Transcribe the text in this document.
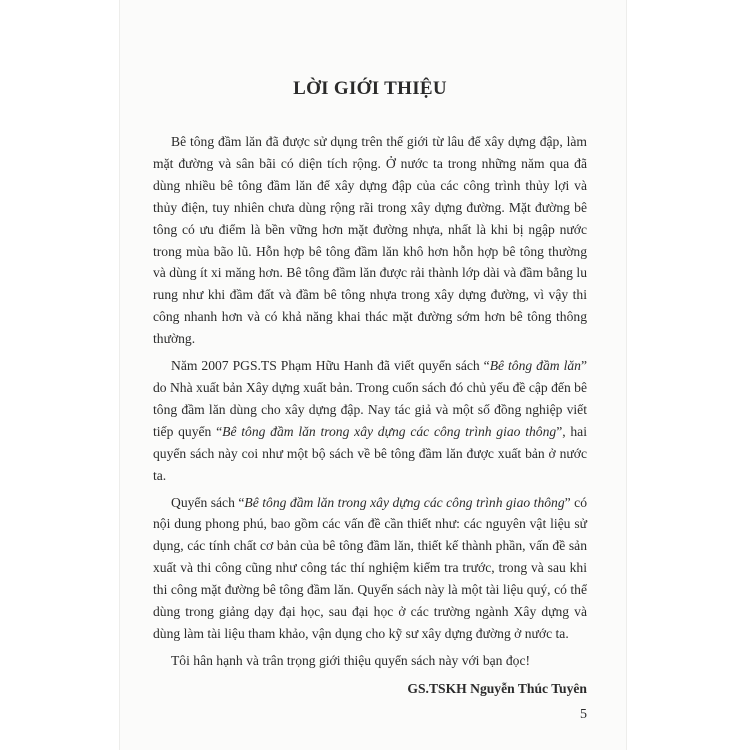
LỜI GIỚI THIỆU

Bê tông đầm lăn đã được sử dụng trên thế giới từ lâu để xây dựng đập, làm mặt đường và sân bãi có diện tích rộng. Ở nước ta trong những năm qua đã dùng nhiều bê tông đầm lăn để xây dựng đập của các công trình thủy lợi và thủy điện, tuy nhiên chưa dùng rộng rãi trong xây dựng đường. Mặt đường bê tông có ưu điểm là bền vững hơn mặt đường nhựa, nhất là khi bị ngập nước trong mùa bão lũ. Hỗn hợp bê tông đầm lăn khô hơn hỗn hợp bê tông thường và dùng ít xi măng hơn. Bê tông đầm lăn được rải thành lớp dài và đầm bằng lu rung như khi đầm đất và đầm bê tông nhựa trong xây dựng đường, vì vậy thi công nhanh hơn và có khả năng khai thác mặt đường sớm hơn bê tông thông thường.

Năm 2007 PGS.TS Phạm Hữu Hanh đã viết quyển sách “Bê tông đầm lăn” do Nhà xuất bản Xây dựng xuất bản. Trong cuốn sách đó chủ yếu đề cập đến bê tông đầm lăn dùng cho xây dựng đập. Nay tác giả và một số đồng nghiệp viết tiếp quyển “Bê tông đầm lăn trong xây dựng các công trình giao thông”, hai quyển sách này coi như một bộ sách về bê tông đầm lăn được xuất bản ở nước ta.

Quyển sách “Bê tông đầm lăn trong xây dựng các công trình giao thông” có nội dung phong phú, bao gồm các vấn đề cần thiết như: các nguyên vật liệu sử dụng, các tính chất cơ bản của bê tông đầm lăn, thiết kế thành phần, vấn đề sản xuất và thi công cũng như công tác thí nghiệm kiểm tra trước, trong và sau khi thi công mặt đường bê tông đầm lăn. Quyển sách này là một tài liệu quý, có thể dùng trong giảng dạy đại học, sau đại học ở các trường ngành Xây dựng và dùng làm tài liệu tham khảo, vận dụng cho kỹ sư xây dựng đường ở nước ta.

Tôi hân hạnh và trân trọng giới thiệu quyển sách này với bạn đọc!

GS.TSKH Nguyễn Thúc Tuyên

5
